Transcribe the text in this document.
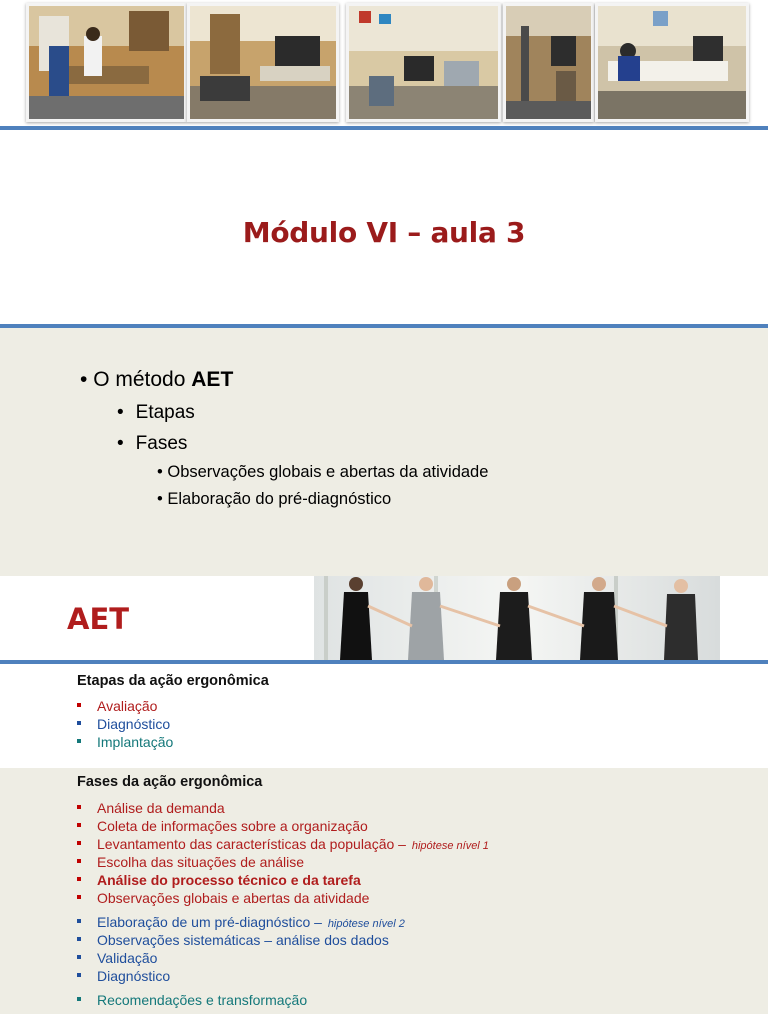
Módulo VI – aula 3
• O método AET
• Etapas
• Fases
• Observações globais e abertas da atividade
• Elaboração do pré-diagnóstico
AET
Etapas da ação ergonômica
Avaliação
Diagnóstico
Implantação
Fases da ação ergonômica
Análise da demanda
Coleta de informações sobre a organização
Levantamento das características da população – hipótese nível 1
Escolha das situações de análise
Análise do processo técnico e da tarefa
Observações globais e abertas da atividade
Elaboração de um pré-diagnóstico – hipótese nível 2
Observações sistemáticas – análise dos dados
Validação
Diagnóstico
Recomendações e transformação
